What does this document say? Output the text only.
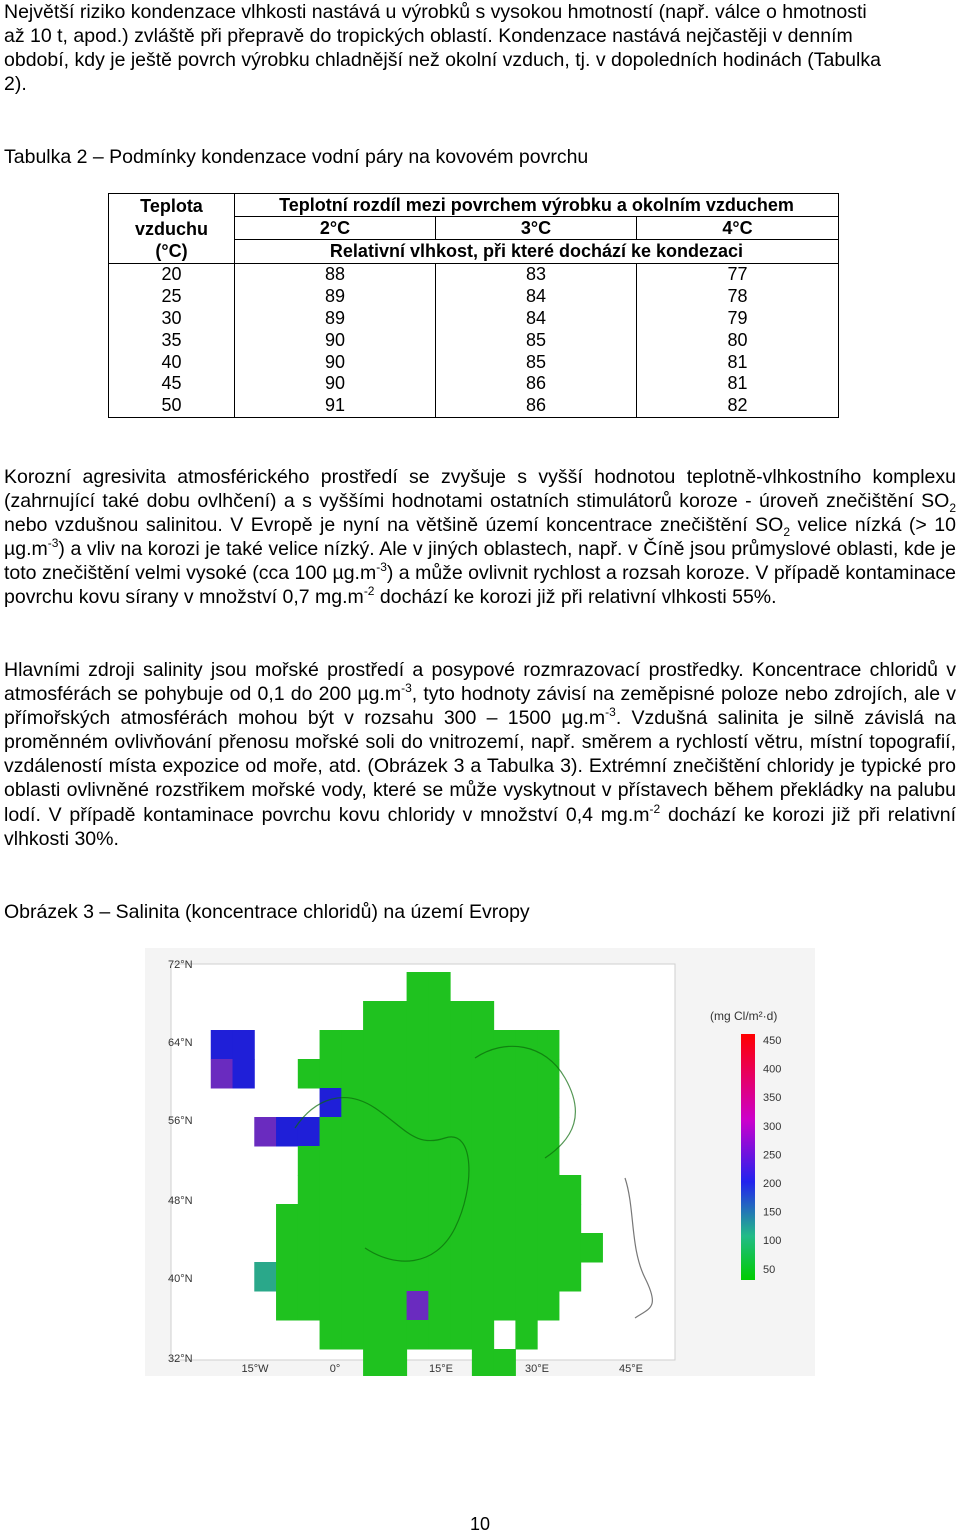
Největší riziko kondenzace vlhkosti nastává u výrobků s vysokou hmotností (např. válce o hmotnosti
až 10 t, apod.) zvláště při přepravě do tropických oblastí. Kondenzace nastává nejčastěji v denním
období, kdy je ještě povrch výrobku chladnější než okolní vzduch, tj. v dopoledních hodinách (Tabulka
2).

Tabulka 2 – Podmínky kondenzace vodní páry na kovovém povrchu

Teplota
vzduchu
(°C)	Teplotní rozdíl mezi povrchem výrobku a okolním vzduchem		
	2°C	3°C	4°C
	Relativní vlhkost, při které dochází ke kondezaci		
20	88	83	77
25	89	84	78
30	89	84	79
35	90	85	80
40	90	85	81
45	90	86	81
50	91	86	82

Korozní agresivita atmosférického prostředí se zvyšuje s vyšší hodnotou teplotně-vlhkostního komplexu (zahrnující také dobu ovlhčení) a s vyššími hodnotami ostatních stimulátorů koroze - úroveň znečištění $SO_2$ nebo vzdušnou salinitou. V Evropě je nyní na většině území koncentrace znečištění $SO_2$ velice nízká (> 10 $\mu g.m^{-3}$) a vliv na korozi je také velice nízký. Ale v jiných oblastech, např. v Číně jsou průmyslové oblasti, kde je toto znečištění velmi vysoké (cca 100 $\mu g.m^{-3}$) a může ovlivnit rychlost a rozsah koroze. V případě kontaminace povrchu kovu sírany v množství 0,7 $mg.m^{-2}$ dochází ke korozi již při relativní vlhkosti 55%.

Hlavními zdroji salinity jsou mořské prostředí a posypové rozmrazovací prostředky. Koncentrace chloridů v atmosférách se pohybuje od 0,1 do 200 $\mu g.m^{-3}$, tyto hodnoty závisí na zeměpisné poloze nebo zdrojích, ale v přímořských atmosférách mohou být v rozsahu 300 – 1500 $\mu g.m^{-3}$. Vzdušná salinita je silně závislá na proměnném ovlivňování přenosu mořské soli do vnitrozemí, např. směrem a rychlostí větru, místní topografií, vzdáleností místa expozice od moře, atd. (Obrázek 3 a Tabulka 3). Extrémní znečištění chloridy je typické pro oblasti ovlivněné rozstřikem mořské vody, které se může vyskytnout v přístavech během překládky na palubu lodí. V případě kontaminace povrchu kovu chloridy v množství 0,4 $mg.m^{-2}$ dochází ke korozi již při relativní vlhkosti 30%.

Obrázek 3 – Salinita (koncentrace chloridů) na území Evropy

72°N
64°N
56°N
48°N
40°N
32°N
15°W	0°	15°E	30°E	45°E
(mg Cl/m²·d)
450
400
350
300
250
200
150
100
50
10
